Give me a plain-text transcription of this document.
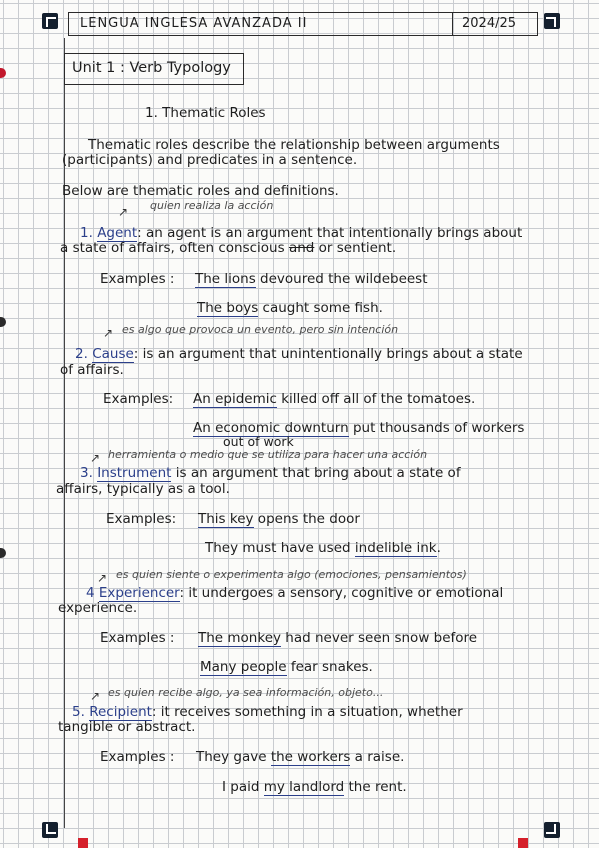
LENGUA INGLESA AVANZADA II	2024/25
Unit 1 : Verb Typology
1. Thematic Roles
Thematic roles describe the relationship between arguments
(participants) and predicates in a sentence.
Below are thematic roles and definitions.
↗ quien realiza la acción
1. Agent: an agent is an argument that intentionally brings about
a state of affairs, often conscious and or sentient.
Examples : The lions devoured the wildebeest
The boys caught some fish.
↗ es algo que provoca un evento, pero sin intención
2. Cause: is an argument that unintentionally brings about a state
of affairs.
Examples: An epidemic killed off all of the tomatoes.
An economic downturn put thousands of workers
out of work
↗ herramienta o medio que se utiliza para hacer una acción
3. Instrument is an argument that bring about a state of
affairs, typically as a tool.
Examples: This key opens the door
They must have used indelible ink.
↗ es quien siente o experimenta algo (emociones, pensamientos)
4 Experiencer: it undergoes a sensory, cognitive or emotional
experience.
Examples : The monkey had never seen snow before
Many people fear snakes.
↗ es quien recibe algo, ya sea información, objeto...
5. Recipient: it receives something in a situation, whether
tangible or abstract.
Examples : They gave the workers a raise.
I paid my landlord the rent.
